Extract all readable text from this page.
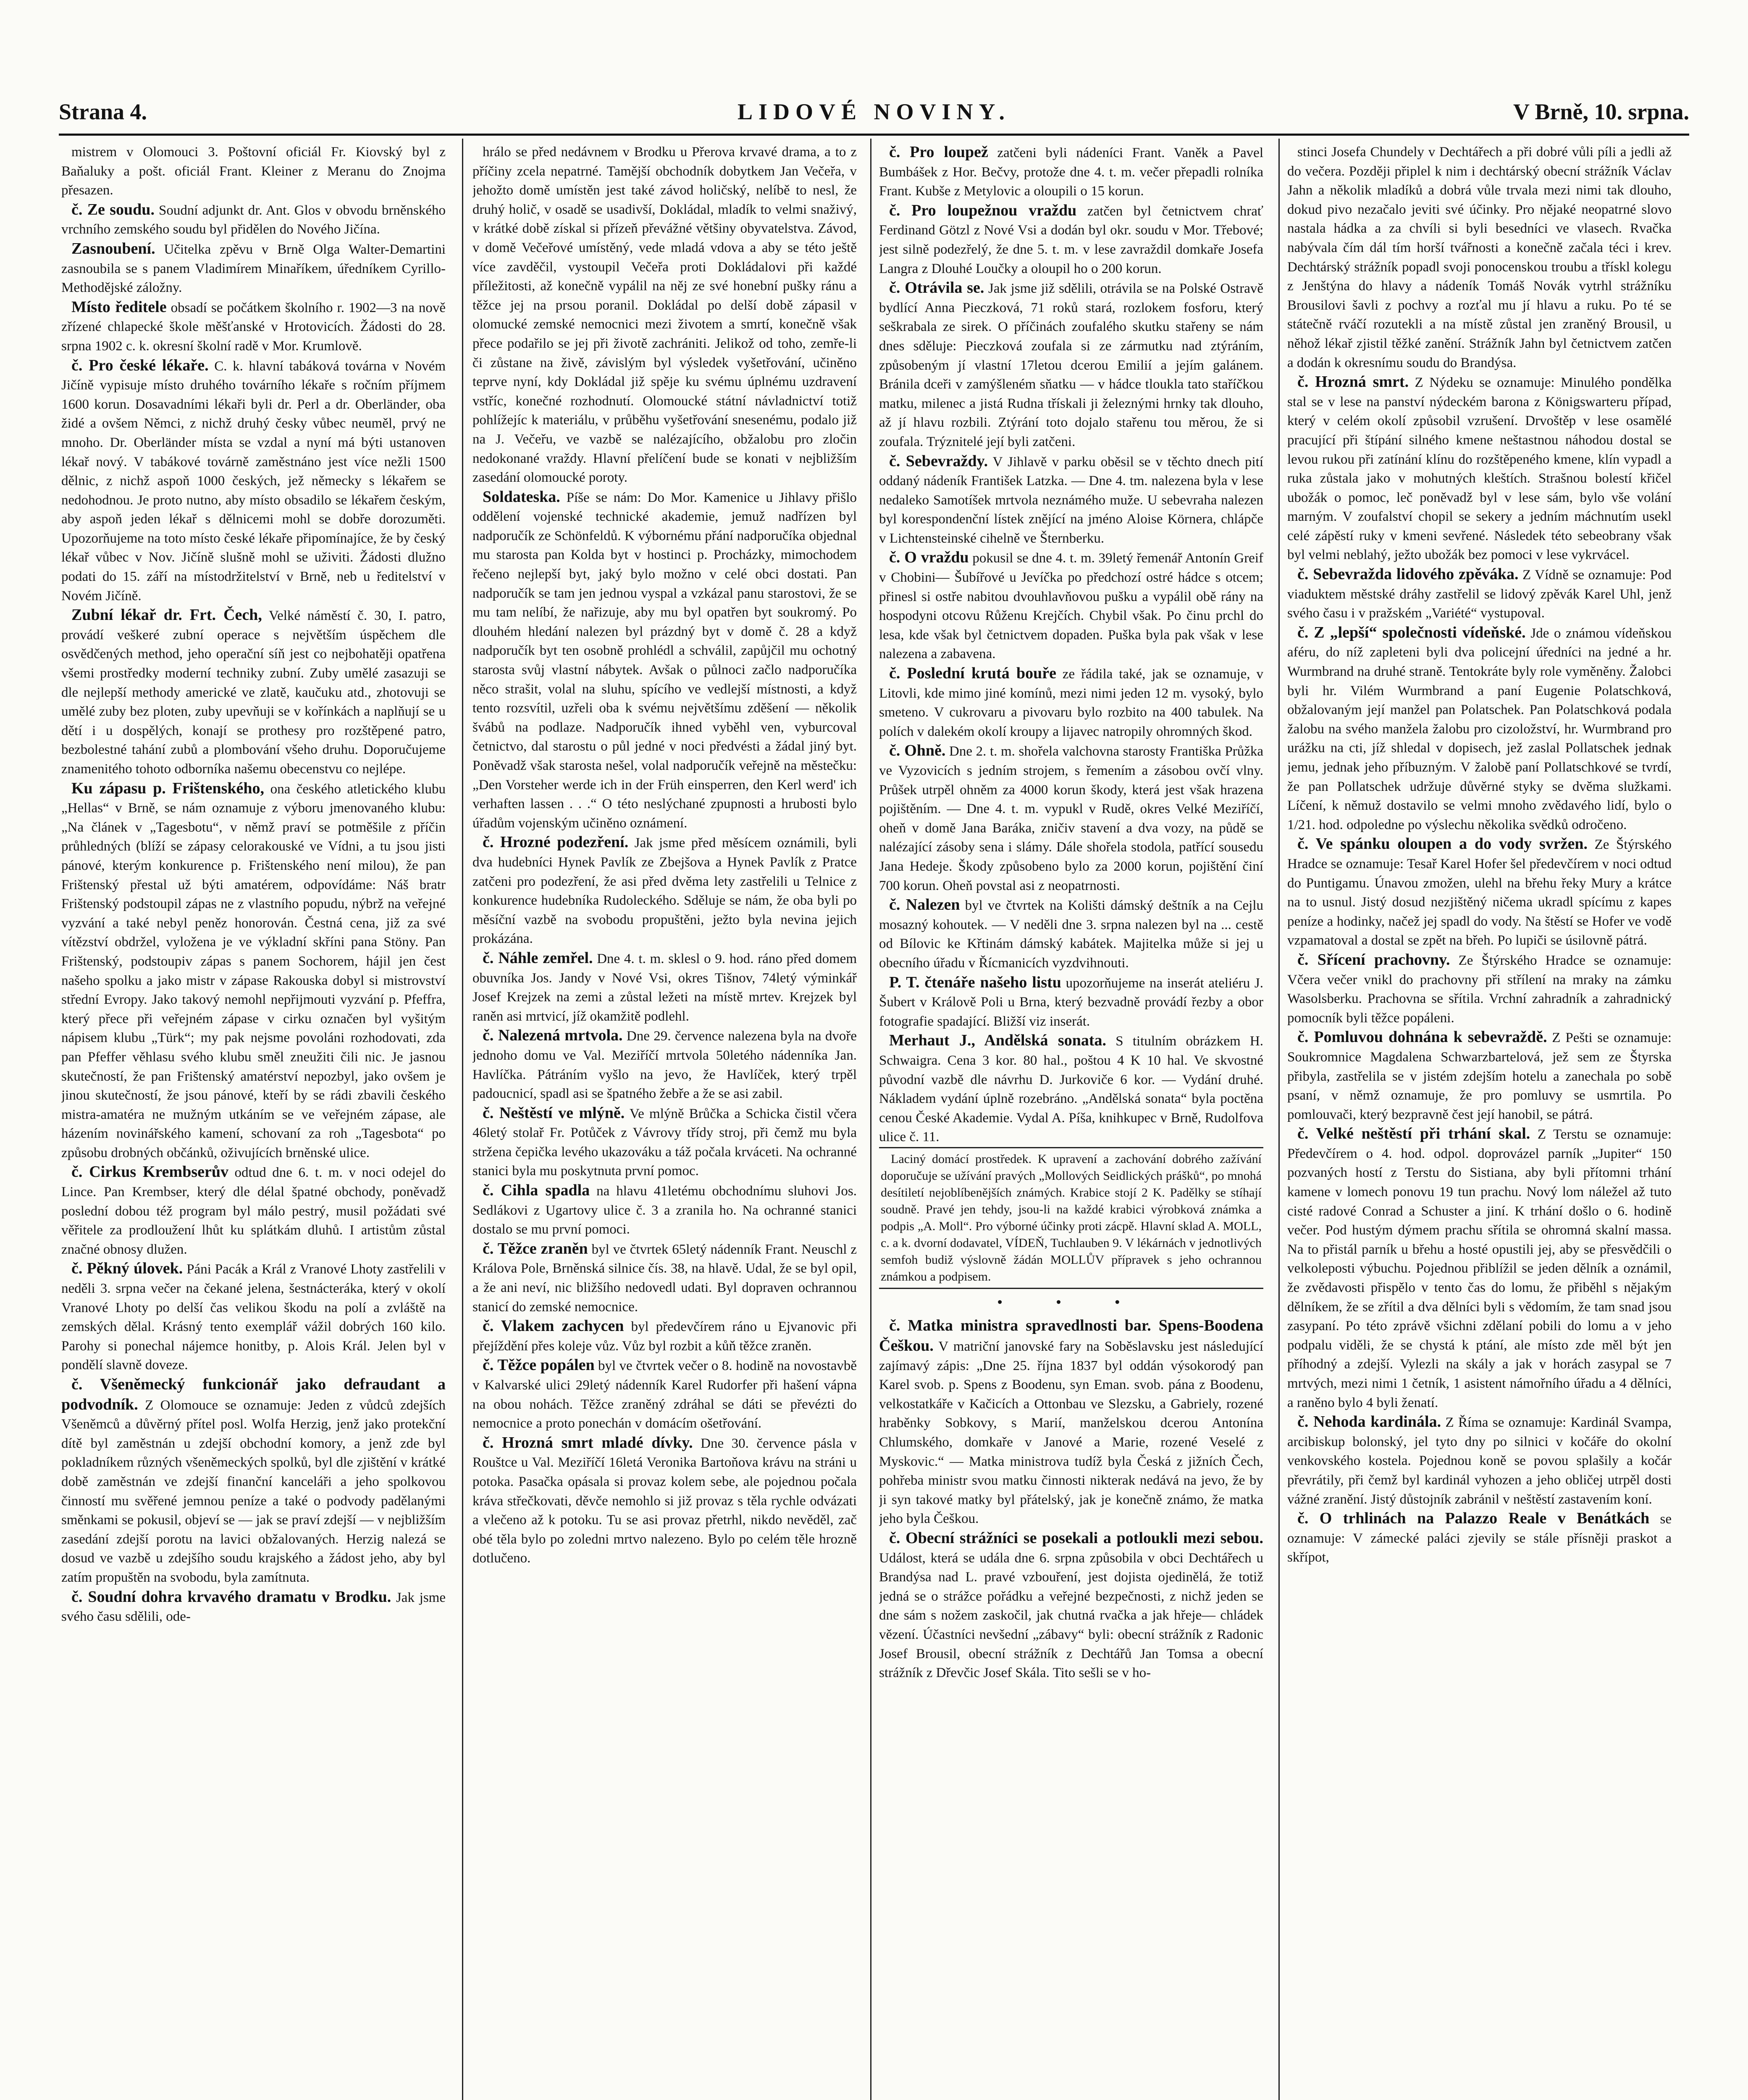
Strana 4.	LIDOVÉ NOVINY.	V Brně, 10. srpna.

mistrem v Olomouci 3. Poštovní oficiál Fr. Kiovský byl z Baňaluky a pošt. oficiál Frant. Kleiner z Meranu do Znojma přesazen.

č. Ze soudu. Soudní adjunkt dr. Ant. Glos v obvodu brněnského vrchního zemského soudu byl přidělen do Nového Jičína.

Zasnoubení. Učitelka zpěvu v Brně Olga Walter-Demartini zasnoubila se s panem Vladimírem Minaříkem, úředníkem Cyrillo-Methodějské záložny.

Místo ředitele obsadí se počátkem školního r. 1902—3 na nově zřízené chlapecké škole měšťanské v Hrotovicích. Žádosti do 28. srpna 1902 c. k. okresní školní radě v Mor. Krumlově.

č. Pro české lékaře. C. k. hlavní tabáková továrna v Novém Jičíně vypisuje místo druhého továrního lékaře s ročním příjmem 1600 korun. Dosavadními lékaři byli dr. Perl a dr. Oberländer, oba židé a ovšem Němci, z nichž druhý česky vůbec neuměl, prvý ne mnoho. Dr. Oberländer místa se vzdal a nyní má býti ustanoven lékař nový. V tabákové továrně zaměstnáno jest více nežli 1500 dělnic, z nichž aspoň 1000 českých, jež německy s lékařem se nedohodnou. Je proto nutno, aby místo obsadilo se lékařem českým, aby aspoň jeden lékař s dělnicemi mohl se dobře dorozuměti. Upozorňujeme na toto místo české lékaře připomínajíce, že by český lékař vůbec v Nov. Jičíně slušně mohl se uživiti. Žádosti dlužno podati do 15. září na místodržitelství v Brně, neb u ředitelství v Novém Jičíně.

Zubní lékař dr. Frt. Čech, Velké náměstí č. 30, I. patro, provádí veškeré zubní operace s největším úspěchem dle osvědčených method, jeho operační síň jest co nejbohatěji opatřena všemi prostředky moderní techniky zubní. Zuby umělé zasazuji se dle nejlepší methody americké ve zlatě, kaučuku atd., zhotovuji se umělé zuby bez ploten, zuby upevňuji se v kořínkách a naplňují se u dětí i u dospělých, konají se prothesy pro rozštěpené patro, bezbolestné tahání zubů a plombování všeho druhu. Doporučujeme znamenitého tohoto odborníka našemu obecenstvu co nejlépe.

Ku zápasu p. Frištenského, ona českého atletického klubu „Hellas“ v Brně, se nám oznamuje z výboru jmenovaného klubu: „Na článek v „Tagesbotu“, v němž praví se potměšile z příčin průhledných (blíží se zápasy celorakouské ve Vídni, a tu jsou jisti pánové, kterým konkurence p. Frištenského není milou), že pan Frištenský přestal už býti amatérem, odpovídáme: Náš bratr Frištenský podstoupil zápas ne z vlastního popudu, nýbrž na veřejné vyzvání a také nebyl peněz honorován. Čestná cena, již za své vítězství obdržel, vyložena je ve výkladní skříni pana Stöny. Pan Frištenský, podstoupiv zápas s panem Sochorem, hájil jen čest našeho spolku a jako mistr v zápase Rakouska dobyl si mistrovství střední Evropy. Jako takový nemohl nepřijmouti vyzvání p. Pfeffra, který přece při veřejném zápase v cirku označen byl vyšitým nápisem klubu „Türk“; my pak nejsme povoláni rozhodovati, zda pan Pfeffer věhlasu svého klubu směl zneužiti čili nic. Je jasnou skutečností, že pan Frištenský amatérství nepozbyl, jako ovšem je jinou skutečností, že jsou pánové, kteří by se rádi zbavili českého mistra-amatéra ne mužným utkáním se ve veřejném zápase, ale házením novinářského kamení, schovaní za roh „Tagesbota“ po způsobu drobných občánků, oživujících brněnské ulice.

č. Cirkus Krembserův odtud dne 6. t. m. v noci odejel do Lince. Pan Krembser, který dle délal špatné obchody, poněvadž poslední dobou též program byl málo pestrý, musil požádati své věřitele za prodloužení lhůt ku splátkám dluhů. I artistům zůstal značné obnosy dlužen.

č. Pěkný úlovek. Páni Pacák a Král z Vranové Lhoty zastřelili v neděli 3. srpna večer na čekané jelena, šestnácteráka, který v okolí Vranové Lhoty po delší čas velikou škodu na polí a zvláště na zemských dělal. Krásný tento exemplář vážil dobrých 160 kilo. Parohy si ponechal nájemce honitby, p. Alois Král. Jelen byl v pondělí slavně doveze.

č. Všeněmecký funkcionář jako defraudant a podvodník. Z Olomouce se oznamuje: Jeden z vůdců zdejších Všeněmců a důvěrný přítel posl. Wolfa Herzig, jenž jako protekční dítě byl zaměstnán u zdejší obchodní komory, a jenž zde byl pokladníkem různých všeněmeckých spolků, byl dle zjištění v krátké době zaměstnán ve zdejší finanční kanceláři a jeho spolkovou činností mu svěřené jemnou peníze a také o podvody padělanými směnkami se pokusil, objeví se — jak se praví zdejší — v nejbližším zasedání zdejší porotu na lavici obžalovaných. Herzig nalezá se dosud ve vazbě u zdejšího soudu krajského a žádost jeho, aby byl zatím propuštěn na svobodu, byla zamítnuta.

č. Soudní dohra krvavého dramatu v Brodku. Jak jsme svého času sdělili, ode-

hrálo se před nedávnem v Brodku u Přerova krvavé drama, a to z příčiny zcela nepatrné. Tamější obchodník dobytkem Jan Večeřa, v jehožto domě umístěn jest také závod holičský, nelíbě to nesl, že druhý holič, v osadě se usadivší, Dokládal, mladík to velmi snaživý, v krátké době získal si přízeň převážné většiny obyvatelstva. Závod, v domě Večeřové umístěný, vede mladá vdova a aby se této ještě více zavděčil, vystoupil Večeřa proti Dokládalovi při každé příležitosti, až konečně vypálil na něj ze své honební pušky ránu a těžce jej na prsou poranil. Dokládal po delší době zápasil v olomucké zemské nemocnici mezi životem a smrtí, konečně však přece podařilo se jej při životě zachrániti. Jelikož od toho, zemře-li či zůstane na živě, závislým byl výsledek vyšetřování, učiněno teprve nyní, kdy Dokládal již spěje ku svému úplnému uzdravení vstříc, konečné rozhodnutí. Olomoucké státní návladnictví totiž pohlížejíc k materiálu, v průběhu vyšetřování snesenému, podalo již na J. Večeřu, ve vazbě se nalézajícího, obžalobu pro zločin nedokonané vraždy. Hlavní přelíčení bude se konati v nejbližším zasedání olomoucké poroty.

Soldateska. Píše se nám: Do Mor. Kamenice u Jihlavy přišlo oddělení vojenské technické akademie, jemuž nadřízen byl nadporučík ze Schönfeldů. K výbornému přání nadporučíka objednal mu starosta pan Kolda byt v hostinci p. Procházky, mimochodem řečeno nejlepší byt, jaký bylo možno v celé obci dostati. Pan nadporučík se tam jen jednou vyspal a vzkázal panu starostovi, že se mu tam nelíbí, že nařizuje, aby mu byl opatřen byt soukromý. Po dlouhém hledání nalezen byl prázdný byt v domě č. 28 a když nadporučík byt ten osobně prohlédl a schválil, zapůjčil mu ochotný starosta svůj vlastní nábytek. Avšak o půlnoci začlo nadporučíka něco strašit, volal na sluhu, spícího ve vedlejší místnosti, a když tento rozsvítil, uzřeli oba k svému největšímu zděšení — několik švábů na podlaze. Nadporučík ihned vyběhl ven, vyburcoval četnictvo, dal starostu o půl jedné v noci předvésti a žádal jiný byt. Poněvadž však starosta nešel, volal nadporučík veřejně na městečku: „Den Vorsteher werde ich in der Früh einsperren, den Kerl werd' ich verhaften lassen . . .“ O této neslýchané zpupnosti a hrubosti bylo úřadům vojenským učiněno oznámení.

č. Hrozné podezření. Jak jsme před měsícem oznámili, byli dva hudebníci Hynek Pavlík ze Zbejšova a Hynek Pavlík z Pratce zatčeni pro podezření, že asi před dvěma lety zastřelili u Telnice z konkurence hudebníka Rudoleckého. Sděluje se nám, že oba byli po měsíční vazbě na svobodu propuštěni, ježto byla nevina jejich prokázána.

č. Náhle zemřel. Dne 4. t. m. sklesl o 9. hod. ráno před domem obuvníka Jos. Jandy v Nové Vsi, okres Tišnov, 74letý výminkář Josef Krejzek na zemi a zůstal ležeti na místě mrtev. Krejzek byl raněn asi mrtvicí, jíž okamžitě podlehl.

č. Nalezená mrtvola. Dne 29. července nalezena byla na dvoře jednoho domu ve Val. Meziříčí mrtvola 50letého nádenníka Jan. Havlíčka. Pátráním vyšlo na jevo, že Havlíček, který trpěl padoucnicí, spadl asi se špatného žebře a že se asi zabil.

č. Neštěstí ve mlýně. Ve mlýně Brůčka a Schicka čistil včera 46letý stolař Fr. Potůček z Vávrovy třídy stroj, při čemž mu byla stržena čepička levého ukazováku a táž počala krváceti. Na ochranné stanici byla mu poskytnuta první pomoc.

č. Cihla spadla na hlavu 41letému obchodnímu sluhovi Jos. Sedlákovi z Ugartovy ulice č. 3 a zranila ho. Na ochranné stanici dostalo se mu první pomoci.

č. Těžce zraněn byl ve čtvrtek 65letý nádenník Frant. Neuschl z Králova Pole, Brněnská silnice čís. 38, na hlavě. Udal, že se byl opil, a že ani neví, nic bližšího nedovedl udati. Byl dopraven ochrannou stanicí do zemské nemocnice.

č. Vlakem zachycen byl předevčírem ráno u Ejvanovic při přejíždění přes koleje vůz. Vůz byl rozbit a kůň těžce zraněn.

č. Těžce popálen byl ve čtvrtek večer o 8. hodině na novostavbě v Kalvarské ulici 29letý nádenník Karel Rudorfer při hašení vápna na obou nohách. Těžce zraněný zdráhal se dáti se převézti do nemocnice a proto ponechán v domácím ošetřování.

č. Hrozná smrt mladé dívky. Dne 30. července pásla v Rouštce u Val. Meziříčí 16letá Veronika Bartoňova krávu na stráni u potoka. Pasačka opásala si provaz kolem sebe, ale pojednou počala kráva střečkovati, děvče nemohlo si již provaz s těla rychle odvázati a vlečeno až k potoku. Tu se asi provaz přetrhl, nikdo nevěděl, zač obé těla bylo po zoledni mrtvo nalezeno. Bylo po celém těle hrozně dotlučeno.

č. Pro loupež zatčeni byli nádeníci Frant. Vaněk a Pavel Bumbášek z Hor. Bečvy, protože dne 4. t. m. večer přepadli rolníka Frant. Kubše z Metylovic a oloupili o 15 korun.

č. Pro loupežnou vraždu zatčen byl četnictvem chrať Ferdinand Götzl z Nové Vsi a dodán byl okr. soudu v Mor. Třebové; jest silně podezřelý, že dne 5. t. m. v lese zavraždil domkaře Josefa Langra z Dlouhé Loučky a oloupil ho o 200 korun.

č. Otrávila se. Jak jsme již sdělili, otrávila se na Polské Ostravě bydlící Anna Pieczková, 71 roků stará, rozlokem fosforu, který seškrabala ze sirek. O příčinách zoufalého skutku stařeny se nám dnes sděluje: Pieczková zoufala si ze zármutku nad ztýráním, způsobeným jí vlastní 17letou dcerou Emilií a jejím galánem. Bránila dceři v zamýšleném sňatku — v hádce tloukla tato staříčkou matku, milenec a jistá Rudna třískali ji železnými hrnky tak dlouho, až jí hlavu rozbili. Ztýrání toto dojalo stařenu tou měrou, že si zoufala. Trýznitelé její byli zatčeni.

č. Sebevraždy. V Jihlavě v parku oběsil se v těchto dnech pití oddaný nádeník František Latzka. — Dne 4. tm. nalezena byla v lese nedaleko Samotíšek mrtvola neznámého muže. U sebevraha nalezen byl korespondenční lístek znějící na jméno Aloise Körnera, chlápče v Lichtensteinské cihelně ve Šternberku.

č. O vraždu pokusil se dne 4. t. m. 39letý řemenář Antonín Greif v Chobini— Šubířové u Jevíčka po předchozí ostré hádce s otcem; přinesl si ostře nabitou dvouhlavňovou pušku a vypálil obě rány na hospodyni otcovu Růženu Krejčích. Chybil však. Po činu prchl do lesa, kde však byl četnictvem dopaden. Puška byla pak však v lese nalezena a zabavena.

č. Poslední krutá bouře ze řádila také, jak se oznamuje, v Litovli, kde mimo jiné komínů, mezi nimi jeden 12 m. vysoký, bylo smeteno. V cukrovaru a pivovaru bylo rozbito na 400 tabulek. Na polích v dalekém okolí kroupy a lijavec natropily ohromných škod.

č. Ohně. Dne 2. t. m. shořela valchovna starosty Františka Průžka ve Vyzovicích s jedním strojem, s řemením a zásobou ovčí vlny. Průšek utrpěl ohněm za 4000 korun škody, která jest však hrazena pojištěním. — Dne 4. t. m. vypukl v Rudě, okres Velké Meziříčí, oheň v domě Jana Baráka, zničiv stavení a dva vozy, na půdě se nalézající zásoby sena i slámy. Dále shořela stodola, patřící sousedu Jana Hedeje. Škody způsobeno bylo za 2000 korun, pojištění činí 700 korun. Oheň povstal asi z neopatrnosti.

č. Nalezen byl ve čtvrtek na Kolišti dámský deštník a na Cejlu mosazný kohoutek. — V neděli dne 3. srpna nalezen byl na ... cestě od Bílovic ke Křtinám dámský kabátek. Majitelka může si jej u obecního úřadu v Řícmanicích vyzdvihnouti.

P. T. čtenáře našeho listu upozorňujeme na inserát ateliéru J. Šubert v Králově Poli u Brna, který bezvadně provádí řezby a obor fotografie spadající. Bližší viz inserát.

Merhaut J., Andělská sonata. S titulním obrázkem H. Schwaigra. Cena 3 kor. 80 hal., poštou 4 K 10 hal. Ve skvostné původní vazbě dle návrhu D. Jurkoviče 6 kor. — Vydání druhé. Nákladem vydání úplně rozebráno. „Andělská sonata“ byla poctěna cenou České Akademie. Vydal A. Píša, knihkupec v Brně, Rudolfova ulice č. 11.

Laciný domácí prostředek. K upravení a zachování dobrého zažívání doporučuje se užívání pravých „Mollových Seidlických prášků“, po mnohá desítiletí nejoblíbenějších známých. Krabice stojí 2 K. Padělky se stíhají soudně. Pravé jen tehdy, jsou-li na každé krabici výrobková známka a podpis „A. Moll“. Pro výborné účinky proti zácpě. Hlavní sklad A. MOLL, c. a k. dvorní dodavatel, VÍDEŇ, Tuchlauben 9. V lékárnách v jednotlivých semfoh budiž výslovně žádán MOLLŮV přípravek s jeho ochrannou známkou a podpisem.

• • •

č. Matka ministra spravedlnosti bar. Spens-Boodena Češkou. V matriční janovské fary na Soběslavsku jest následující zajímavý zápis: „Dne 25. října 1837 byl oddán výsokorodý pan Karel svob. p. Spens z Boodenu, syn Eman. svob. pána z Boodenu, velkostatkáře v Kačicích a Ottonbau ve Slezsku, a Gabriely, rozené hraběnky Sobkovy, s Marií, manželskou dcerou Antonína Chlumského, domkaře v Janové a Marie, rozené Veselé z Myskovic.“ — Matka ministrova tudíž byla Česká z jižních Čech, pohřeba ministr svou matku činnosti nikterak nedává na jevo, že by ji syn takové matky byl přátelský, jak je konečně známo, že matka jeho byla Češkou.

č. Obecní strážníci se posekali a potloukli mezi sebou. Událost, která se udála dne 6. srpna způsobila v obci Dechtářech u Brandýsa nad L. pravé vzbouření, jest dojista ojedinělá, že totiž jedná se o strážce pořádku a veřejné bezpečnosti, z nichž jeden se dne sám s nožem zaskočil, jak chutná rvačka a jak hřeje— chládek vězení. Účastníci nevšední „zábavy“ byli: obecní strážník z Radonic Josef Brousil, obecní strážník z Dechtářů Jan Tomsa a obecní strážník z Dřevčic Josef Skála. Tito sešli se v ho-

stinci Josefa Chundely v Dechtářech a při dobré vůli píli a jedli až do večera. Později připlel k nim i dechtárský obecní strážník Václav Jahn a několik mladíků a dobrá vůle trvala mezi nimi tak dlouho, dokud pivo nezačalo jeviti své účinky. Pro nějaké neopatrné slovo nastala hádka a za chvíli si byli besedníci ve vlasech. Rvačka nabývala čím dál tím horší tvářnosti a konečně začala téci i krev. Dechtárský strážník popadl svoji ponocenskou troubu a třískl kolegu z Jenštýna do hlavy a nádeník Tomáš Novák vytrhl strážníku Brousilovi šavli z pochvy a rozťal mu jí hlavu a ruku. Po té se státečně rváčí rozutekli a na místě zůstal jen zraněný Brousil, u něhož lékař zjistil těžké zanění. Strážník Jahn byl četnictvem zatčen a dodán k okresnímu soudu do Brandýsa.

č. Hrozná smrt. Z Nýdeku se oznamuje: Minulého pondělka stal se v lese na panství nýdeckém barona z Königswarteru případ, který v celém okolí způsobil vzrušení. Drvoštěp v lese osamělé pracující při štípání silného kmene neštastnou náhodou dostal se levou rukou při zatínání klínu do rozštěpeného kmene, klín vypadl a ruka zůstala jako v mohutných kleštích. Strašnou bolestí křičel ubožák o pomoc, leč poněvadž byl v lese sám, bylo vše volání marným. V zoufalství chopil se sekery a jedním máchnutím usekl celé zápěstí ruky v kmeni sevřené. Následek této sebeobrany však byl velmi neblahý, ježto ubožák bez pomoci v lese vykrvácel.

č. Sebevražda lidového zpěváka. Z Vídně se oznamuje: Pod viaduktem městské dráhy zastřelil se lidový zpěvák Karel Uhl, jenž svého času i v pražském „Variété“ vystupoval.

č. Z „lepší“ společnosti vídeňské. Jde o známou vídeňskou aféru, do níž zapleteni byli dva policejní úředníci na jedné a hr. Wurmbrand na druhé straně. Tentokráte byly role vyměněny. Žalobci byli hr. Vilém Wurmbrand a paní Eugenie Polatschková, obžalovaným její manžel pan Polatschek. Pan Polatschková podala žalobu na svého manžela žalobu pro cizoložství, hr. Wurmbrand pro urážku na cti, jíž shledal v dopisech, jež zaslal Pollatschek jednak jemu, jednak jeho příbuzným. V žalobě paní Pollatschkové se tvrdí, že pan Pollatschek udržuje důvěrné styky se dvěma služkami. Líčení, k němuž dostavilo se velmi mnoho zvědavého lidí, bylo o 1/21. hod. odpoledne po výslechu několika svědků odročeno.

č. Ve spánku oloupen a do vody svržen. Ze Štýrského Hradce se oznamuje: Tesař Karel Hofer šel předevčírem v noci odtud do Puntigamu. Únavou zmožen, ulehl na břehu řeky Mury a krátce na to usnul. Jistý dosud nezjištěný ničema ukradl spícímu z kapes peníze a hodinky, načež jej spadl do vody. Na štěstí se Hofer ve vodě vzpamatoval a dostal se zpět na břeh. Po lupiči se úsilovně pátrá.

č. Sřícení prachovny. Ze Štýrského Hradce se oznamuje: Včera večer vnikl do prachovny při střílení na mraky na zámku Wasolsberku. Prachovna se sřítila. Vrchní zahradník a zahradnický pomocník byli těžce popáleni.

č. Pomluvou dohnána k sebevraždě. Z Pešti se oznamuje: Soukromnice Magdalena Schwarzbartelová, jež sem ze Štyrska přibyla, zastřelila se v jistém zdejším hotelu a zanechala po sobě psaní, v němž oznamuje, že pro pomluvy se usmrtila. Po pomlouvači, který bezpravně čest její hanobil, se pátrá.

č. Velké neštěstí při trhání skal. Z Terstu se oznamuje: Předevčírem o 4. hod. odpol. doprovázel parník „Jupiter“ 150 pozvaných hostí z Terstu do Sistiana, aby byli přítomni trhání kamene v lomech ponovu 19 tun prachu. Nový lom náležel až tuto cisté radové Conrad a Schuster a jiní. K trhání došlo o 6. hodině večer. Pod hustým dýmem prachu sřítila se ohromná skalní massa. Na to přistál parník u břehu a hosté opustili jej, aby se přesvědčili o velkoleposti výbuchu. Pojednou přiblížil se jeden dělník a oznámil, že zvědavosti přispělo v tento čas do lomu, že přiběhl s nějakým dělníkem, že se zřítil a dva dělníci byli s vědomím, že tam snad jsou zasypaní. Po této zprávě všichni zdělaní pobili do lomu a v jeho podpalu viděli, že se chystá k ptání, ale místo zde měl být jen příhodný a zdejší. Vylezli na skály a jak v horách zasypal se 7 mrtvých, mezi nimi 1 četník, 1 asistent námořního úřadu a 4 dělníci, a raněno bylo 4 byli ženatí.

č. Nehoda kardinála. Z Říma se oznamuje: Kardinál Svampa, arcibiskup bolonský, jel tyto dny po silnici v kočáře do okolní venkovského kostela. Pojednou koně se povou splašily a kočár převrátily, při čemž byl kardinál vyhozen a jeho obličej utrpěl dosti vážné zranění. Jistý důstojník zabránil v neštěstí zastavením koní.

č. O trhlinách na Palazzo Reale v Benátkách se oznamuje: V zámecké paláci zjevily se stále přísněji praskot a skřípot,
